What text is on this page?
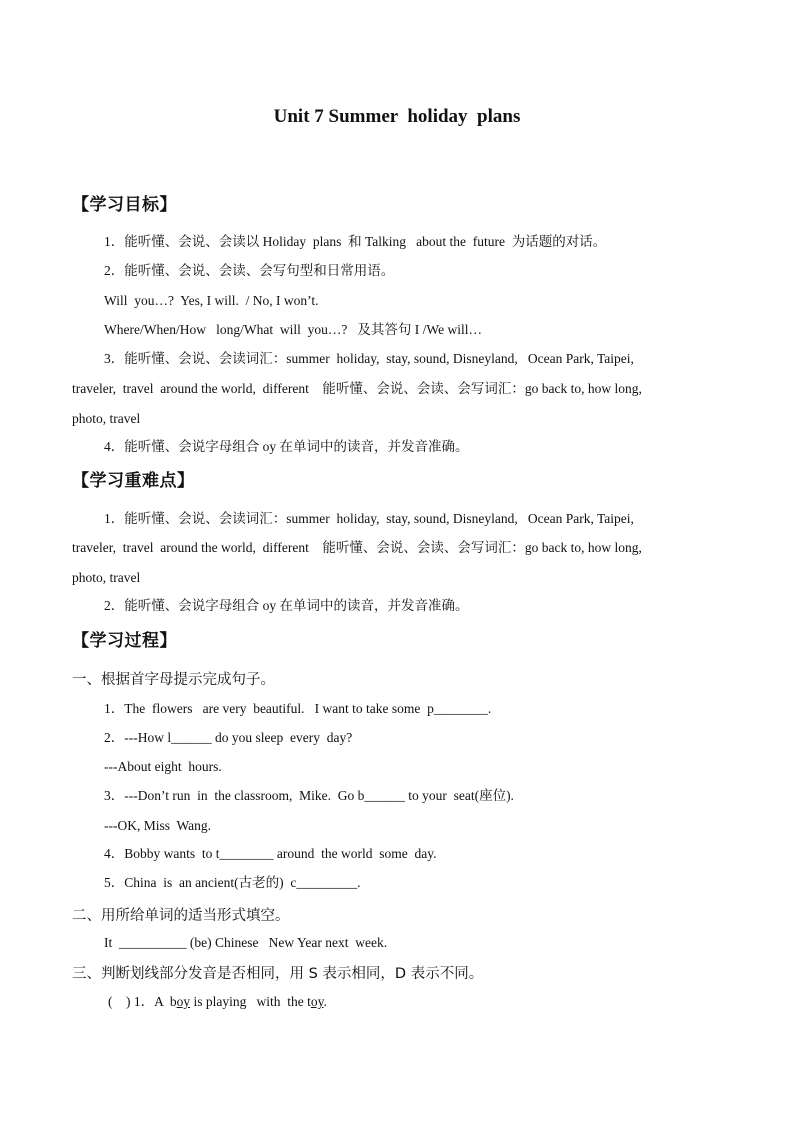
Unit 7 Summer  holiday  plans
【学习目标】
1．能听懂、会说、会读以 Holiday  plans  和 Talking   about the  future  为话题的对话。
2．能听懂、会说、会读、会写句型和日常用语。
Will  you…?  Yes, I will.  / No, I won’t.
Where/When/How   long/What  will  you…?   及其答句 I /We will…
3．能听懂、会说、会读词汇：summer  holiday,  stay, sound, Disneyland,   Ocean Park, Taipei,
traveler,  travel  around the world,  different    能听懂、会说、会读、会写词汇：go back to, how long,
photo, travel
4．能听懂、会说字母组合 oy 在单词中的读音，并发音准确。
【学习重难点】
1．能听懂、会说、会读词汇：summer  holiday,  stay, sound, Disneyland,   Ocean Park, Taipei,
traveler,  travel  around the world,  different    能听懂、会说、会读、会写词汇：go back to, how long,
photo, travel
2．能听懂、会说字母组合 oy 在单词中的读音，并发音准确。
【学习过程】
一、根据首字母提示完成句子。
1．The  flowers   are very  beautiful.   I want to take some  p________.
2．---How l______ do you sleep  every  day?
---About eight  hours.
3．---Don’t run  in  the classroom,  Mike.  Go b______ to your  seat(座位).
---OK, Miss  Wang.
4．Bobby wants  to t________ around  the world  some  day.
5．China  is  an ancient(古老的)  c_________.
二、用所给单词的适当形式填空。
It  __________ (be) Chinese   New Year next  week.
三、判断划线部分发音是否相同，用 S 表示相同，D 表示不同。
(    ) 1．A  boy is playing   with  the toy.
